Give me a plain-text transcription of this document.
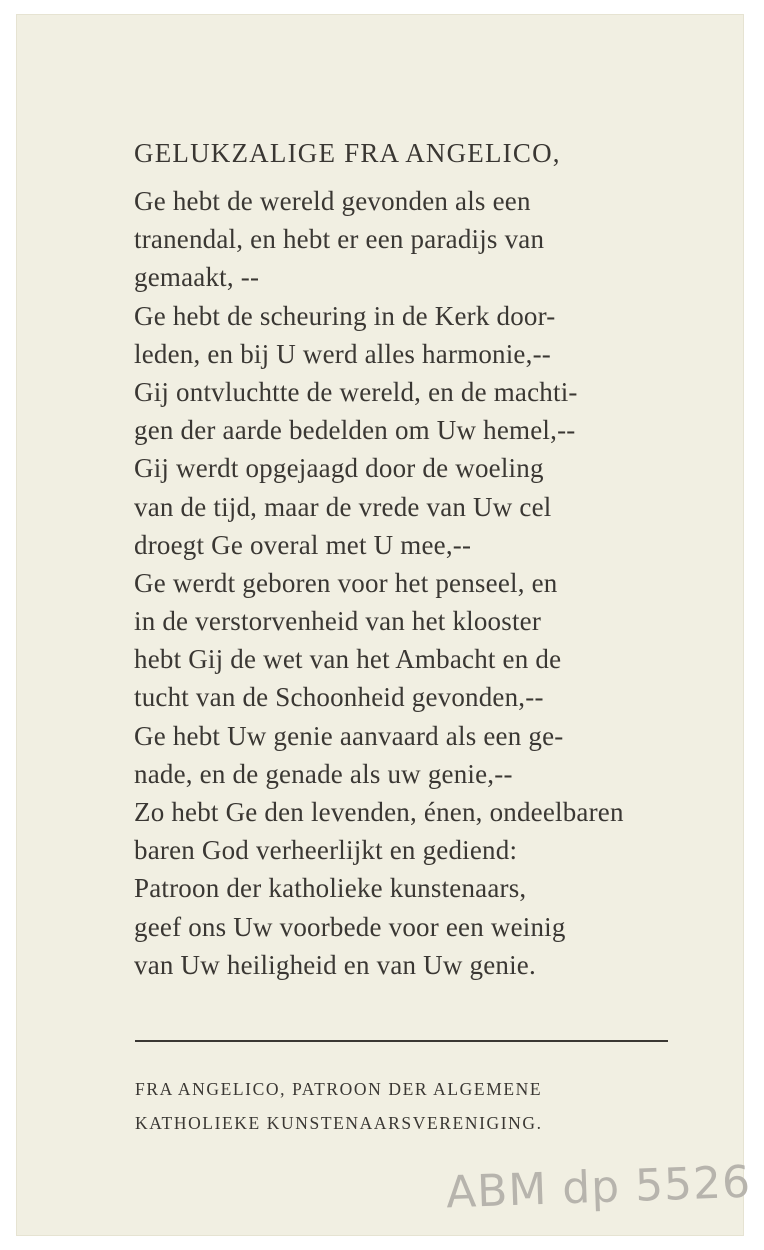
GELUKZALIGE FRA ANGELICO,
Ge hebt de wereld gevonden als een
tranendal, en hebt er een paradijs van
gemaakt, --
Ge hebt de scheuring in de Kerk door-
leden, en bij U werd alles harmonie,--
Gij ontvluchtte de wereld, en de machti-
gen der aarde bedelden om Uw hemel,--
Gij werdt opgejaagd door de woeling
van de tijd, maar de vrede van Uw cel
droegt Ge overal met U mee,--
Ge werdt geboren voor het penseel, en
in de verstorvenheid van het klooster
hebt Gij de wet van het Ambacht en de
tucht van de Schoonheid gevonden,--
Ge hebt Uw genie aanvaard als een ge-
nade, en de genade als uw genie,--
Zo hebt Ge den levenden, énen, ondeelbaren
baren God verheerlijkt en gediend:
Patroon der katholieke kunstenaars,
geef ons Uw voorbede voor een weinig
van Uw heiligheid en van Uw genie.
FRA ANGELICO, PATROON DER ALGEMENE
KATHOLIEKE KUNSTENAARSVERENIGING.
ABM dp 5526
